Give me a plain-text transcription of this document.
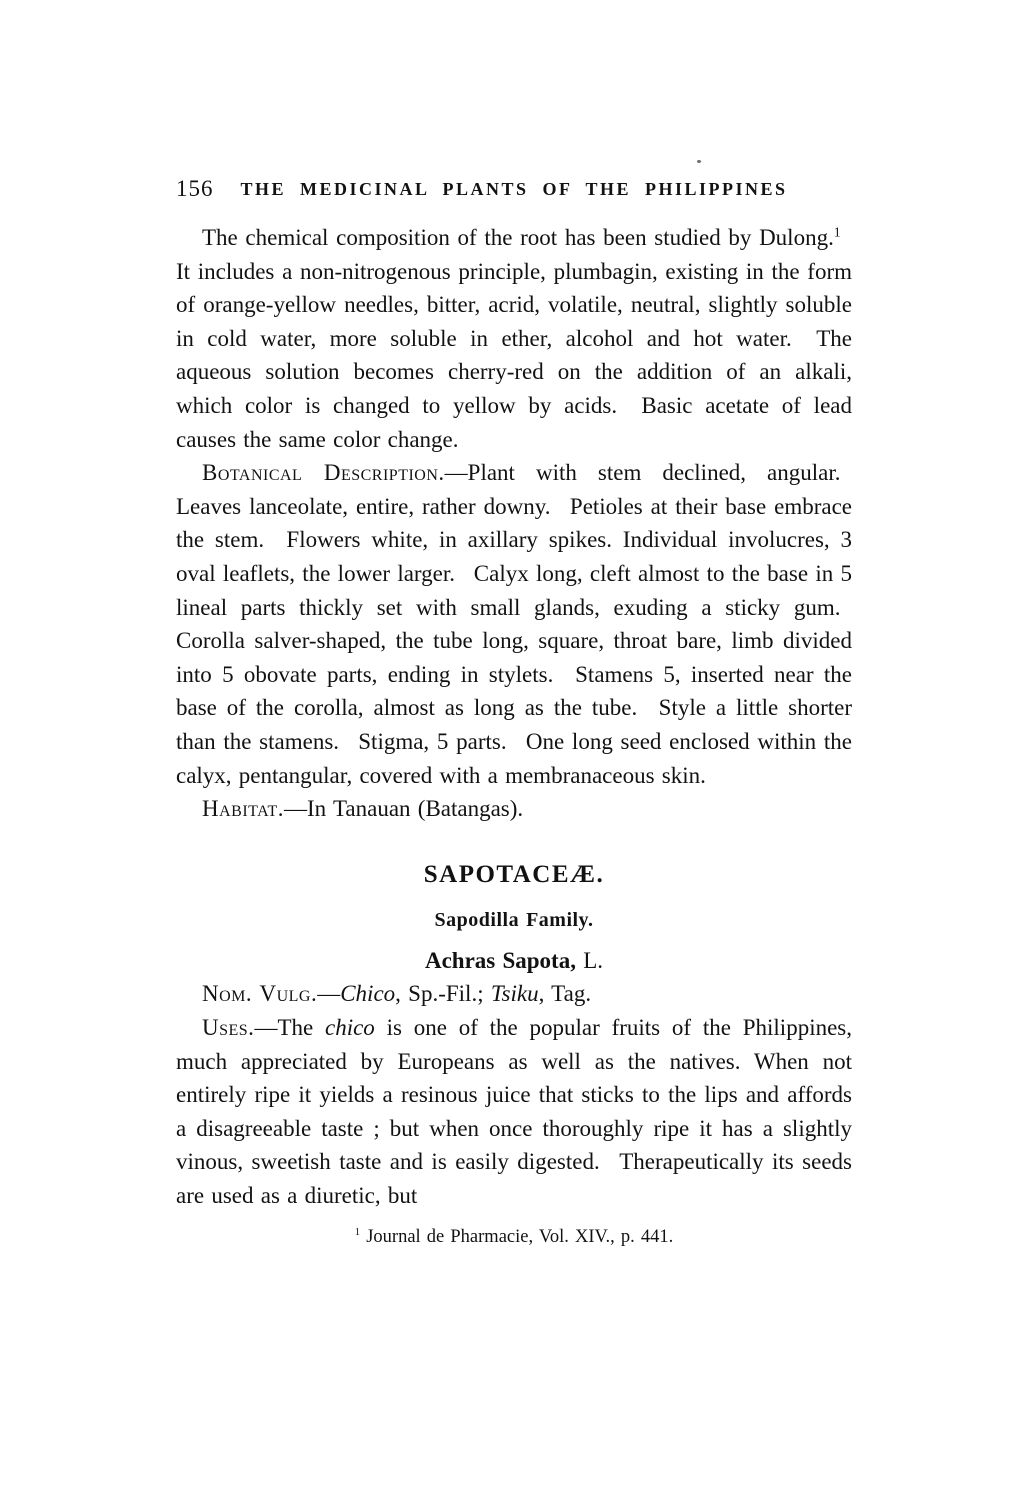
156 THE MEDICINAL PLANTS OF THE PHILIPPINES

The chemical composition of the root has been studied by Dulong.$^1$  It includes a non-nitrogenous principle, plumbagin, existing in the form of orange-yellow needles, bitter, acrid, volatile, neutral, slightly soluble in cold water, more soluble in ether, alcohol and hot water.  The aqueous solution becomes cherry-red on the addition of an alkali, which color is changed to yellow by acids.  Basic acetate of lead causes the same color change.

Botanical Description.—Plant with stem declined, angular.  Leaves lanceolate, entire, rather downy.  Petioles at their base embrace the stem.  Flowers white, in axillary spikes. Individual involucres, 3 oval leaflets, the lower larger.  Calyx long, cleft almost to the base in 5 lineal parts thickly set with small glands, exuding a sticky gum.  Corolla salver-shaped, the tube long, square, throat bare, limb divided into 5 obovate parts, ending in stylets.  Stamens 5, inserted near the base of the corolla, almost as long as the tube.  Style a little shorter than the stamens.  Stigma, 5 parts.  One long seed enclosed within the calyx, pentangular, covered with a membranaceous skin.

Habitat.—In Tanauan (Batangas).

SAPOTACEÆ.

Sapodilla Family.

Achras Sapota, L.

Nom. Vulg.—Chico, Sp.-Fil.; Tsiku, Tag.

Uses.—The chico is one of the popular fruits of the Philippines, much appreciated by Europeans as well as the natives. When not entirely ripe it yields a resinous juice that sticks to the lips and affords a disagreeable taste ; but when once thoroughly ripe it has a slightly vinous, sweetish taste and is easily digested.  Therapeutically its seeds are used as a diuretic, but

$^1$ Journal de Pharmacie, Vol. XIV., p. 441.
